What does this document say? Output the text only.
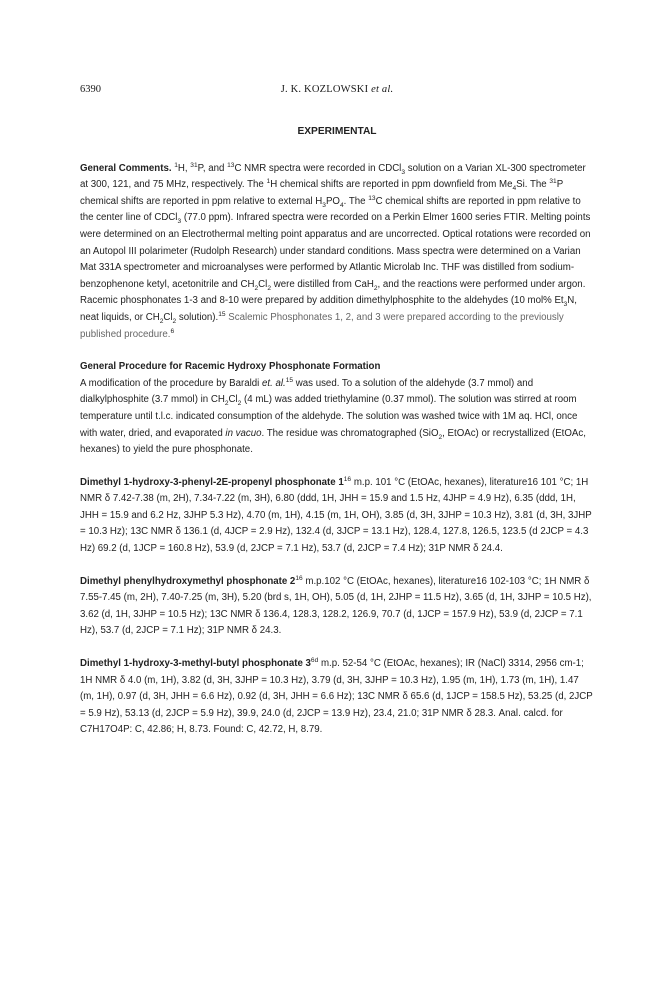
6390	J. K. KOZLOWSKI et al.
EXPERIMENTAL

General Comments. $^1$H, $^{31}$P, and $^{13}$C NMR spectra were recorded in CDCl$_3$ solution on a Varian XL-300 spectrometer at 300, 121, and 75 MHz, respectively. The $^1$H chemical shifts are reported in ppm downfield from $Me_4Si$. The $^{31}$P chemical shifts are reported in ppm relative to external $H_3PO_4$. The $^{13}$C chemical shifts are reported in ppm relative to the center line of CDCl$_3$ (77.0 ppm). Infrared spectra were recorded on a Perkin Elmer 1600 series FTIR. Melting points were determined on an Electrothermal melting point apparatus and are uncorrected. Optical rotations were recorded on an Autopol III polarimeter (Rudolph Research) under standard conditions. Mass spectra were determined on a Varian Mat 331A spectrometer and microanalyses were performed by Atlantic Microlab Inc. THF was distilled from sodium-benzophenone ketyl, acetonitrile and $CH_2Cl_2$ were distilled from CaH$_2$, and the reactions were performed under argon. Racemic phosphonates 1-3 and 8-10 were prepared by addition dimethylphosphite to the aldehydes (10 mol% $Et_3N$, neat liquids, or $CH_2Cl_2$ solution).$^{15}$ Scalemic Phosphonates 1, 2, and 3 were prepared according to the previously published procedure.$^6$

General Procedure for Racemic Hydroxy Phosphonate Formation

A modification of the procedure by Baraldi et. al.$^{15}$ was used. To a solution of the aldehyde (3.7 mmol) and dialkylphosphite (3.7 mmol) in $CH_2Cl_2$ (4 mL) was added triethylamine (0.37 mmol). The solution was stirred at room temperature until t.l.c. indicated consumption of the aldehyde. The solution was washed twice with 1M aq. HCl, once with water, dried, and evaporated in vacuo. The residue was chromatographed (SiO$_2$, EtOAc) or recrystallized (EtOAc, hexanes) to yield the pure phosphonate.

Dimethyl 1-hydroxy-3-phenyl-2E-propenyl phosphonate $1^{16}$ m.p. 101 °C (EtOAc, hexanes), literature16 101 °C; 1H NMR δ 7.42-7.38 (m, 2H), 7.34-7.22 (m, 3H), 6.80 (ddd, 1H, JHH = 15.9 and 1.5 Hz, 4JHP = 4.9 Hz), 6.35 (ddd, 1H, JHH = 15.9 and 6.2 Hz, 3JHP 5.3 Hz), 4.70 (m, 1H), 4.15 (m, 1H, OH), 3.85 (d, 3H, 3JHP = 10.3 Hz), 3.81 (d, 3H, 3JHP = 10.3 Hz); 13C NMR δ 136.1 (d, 4JCP = 2.9 Hz), 132.4 (d, 3JCP = 13.1 Hz), 128.4, 127.8, 126.5, 123.5 (d 2JCP = 4.3 Hz) 69.2 (d, 1JCP = 160.8 Hz), 53.9 (d, 2JCP = 7.1 Hz), 53.7 (d, 2JCP = 7.4 Hz); 31P NMR δ 24.4.

Dimethyl phenylhydroxymethyl phosphonate $2^{16}$ m.p.102 °C (EtOAc, hexanes), literature16 102-103 °C; 1H NMR δ 7.55-7.45 (m, 2H), 7.40-7.25 (m, 3H), 5.20 (brd s, 1H, OH), 5.05 (d, 1H, 2JHP = 11.5 Hz), 3.65 (d, 1H, 3JHP = 10.5 Hz), 3.62 (d, 1H, 3JHP = 10.5 Hz); 13C NMR δ 136.4, 128.3, 128.2, 126.9, 70.7 (d, 1JCP = 157.9 Hz), 53.9 (d, 2JCP = 7.1 Hz), 53.7 (d, 2JCP = 7.1 Hz); 31P NMR δ 24.3.

Dimethyl 1-hydroxy-3-methyl-butyl phosphonate $3^{6d}$ m.p. 52-54 °C (EtOAc, hexanes); IR (NaCl) 3314, 2956 cm-1; 1H NMR δ 4.0 (m, 1H), 3.82 (d, 3H, 3JHP = 10.3 Hz), 3.79 (d, 3H, 3JHP = 10.3 Hz), 1.95 (m, 1H), 1.73 (m, 1H), 1.47 (m, 1H), 0.97 (d, 3H, JHH = 6.6 Hz), 0.92 (d, 3H, JHH = 6.6 Hz); 13C NMR δ 65.6 (d, 1JCP = 158.5 Hz), 53.25 (d, 2JCP = 5.9 Hz), 53.13 (d, 2JCP = 5.9 Hz), 39.9, 24.0 (d, 2JCP = 13.9 Hz), 23.4, 21.0; 31P NMR δ 28.3. Anal. calcd. for C7H17O4P: C, 42.86; H, 8.73. Found: C, 42.72, H, 8.79.
